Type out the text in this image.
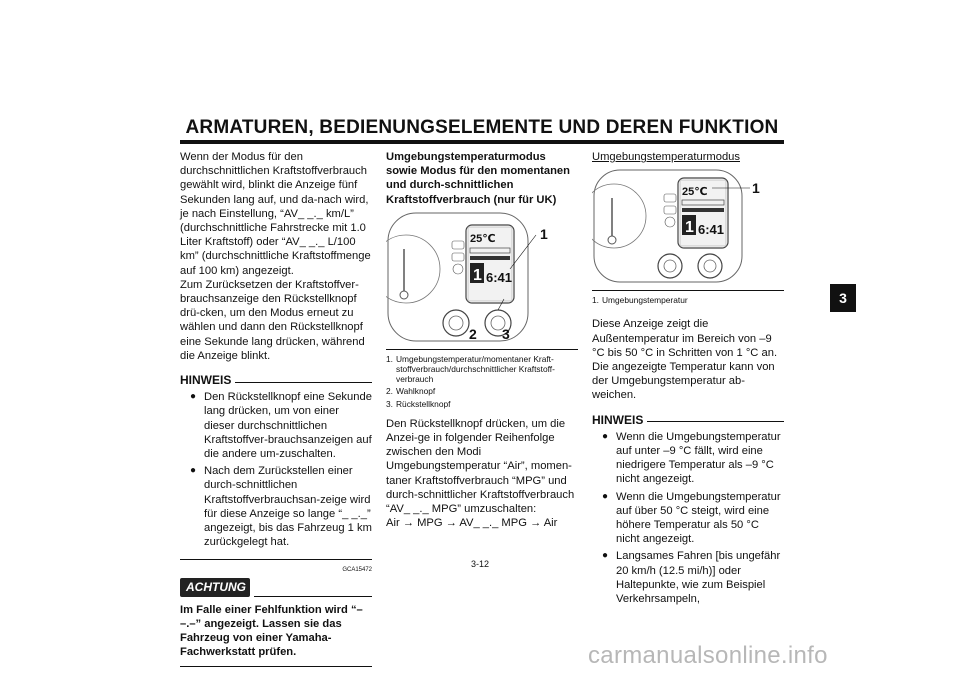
ARMATUREN, BEDIENUNGSELEMENTE UND DEREN FUNKTION
3

Wenn der Modus für den durchschnittlichen Kraftstoffverbrauch gewählt wird, blinkt die Anzeige fünf Sekunden lang auf, und da-nach wird, je nach Einstellung, “AV_ _._ km/L” (durchschnittliche Fahrstrecke mit 1.0 Liter Kraftstoff) oder “AV_ _._ L/100 km” (durchschnittliche Kraftstoffmenge auf 100 km) angezeigt.

Zum Zurücksetzen der Kraftstoffver-brauchsanzeige den Rückstellknopf drü-cken, um den Modus erneut zu wählen und dann den Rückstellknopf eine Sekunde lang drücken, während die Anzeige blinkt.

HINWEIS
● Den Rückstellknopf eine Sekunde lang drücken, um von einer dieser durchschnittlichen Kraftstoffver-brauchsanzeigen auf die andere um-zuschalten.
● Nach dem Zurückstellen einer durch-schnittlichen Kraftstoffverbrauchsan-zeige wird für diese Anzeige so lange “_ _._” angezeigt, bis das Fahrzeug 1 km zurückgelegt hat.
GCA15472
ACHTUNG

Im Falle einer Fehlfunktion wird “– –.–” angezeigt. Lassen sie das Fahrzeug von einer Yamaha-Fachwerkstatt prüfen.

Umgebungstemperaturmodus sowie Modus für den momentanen und durch-schnittlichen Kraftstoffverbrauch (nur für UK)

25℃
1 6:41
1
2 3
1. Umgebungstemperatur/momentaner Kraft-stoffverbrauch/durchschnittlicher Kraftstoff-verbrauch
2. Wahlknopf
3. Rückstellknopf

Den Rückstellknopf drücken, um die Anzei-ge in folgender Reihenfolge zwischen den Modi Umgebungstemperatur “Air”, momen-taner Kraftstoffverbrauch “MPG” und durch-schnittlicher Kraftstoffverbrauch “AV_ _._ MPG” umzuschalten:

Air → MPG → AV_ _._ MPG → Air

Umgebungstemperaturmodus

25℃
1 6:41
1
1. Umgebungstemperatur

Diese Anzeige zeigt die Außentemperatur im Bereich von –9 °C bis 50 °C in Schritten von 1 °C an. Die angezeigte Temperatur kann von der Umgebungstemperatur ab-weichen.

HINWEIS
● Wenn die Umgebungstemperatur auf unter –9 °C fällt, wird eine niedrigere Temperatur als –9 °C nicht angezeigt.
● Wenn die Umgebungstemperatur auf über 50 °C steigt, wird eine höhere Temperatur als 50 °C nicht angezeigt.
● Langsames Fahren [bis ungefähr 20 km/h (12.5 mi/h)] oder Haltepunkte, wie zum Beispiel Verkehrsampeln,
3-12
carmanualsonline.info
